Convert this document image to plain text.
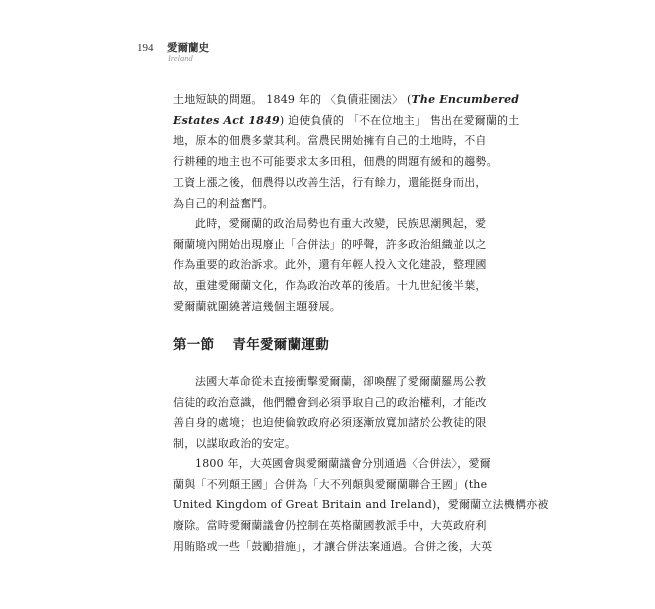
194 愛爾蘭史
Ireland
土地短缺的問題。 1849 年的 〈負債莊園法〉 (The Encumbered
Estates Act 1849) 迫使負債的 「不在位地主」 售出在愛爾蘭的土
地，原本的佃農多蒙其利。當農民開始擁有自己的土地時，不自
行耕種的地主也不可能要求太多田租，佃農的問題有緩和的趨勢。
工資上漲之後，佃農得以改善生活，行有餘力，還能挺身而出，
為自己的利益奮鬥。
此時，愛爾蘭的政治局勢也有重大改變，民族思潮興起，愛
爾蘭境內開始出現廢止「合併法」的呼聲，許多政治組織並以之
作為重要的政治訴求。此外，還有年輕人投入文化建設，整理國
故，重建愛爾蘭文化，作為政治改革的後盾。十九世紀後半葉，
愛爾蘭就圍繞著這幾個主題發展。
第一節 青年愛爾蘭運動
法國大革命從未直接衝擊愛爾蘭，卻喚醒了愛爾蘭羅馬公教
信徒的政治意識，他們體會到必須爭取自己的政治權利，才能改
善自身的處境；也迫使倫敦政府必須逐漸放寬加諸於公教徒的限
制，以謀取政治的安定。
1800 年，大英國會與愛爾蘭議會分別通過〈合併法〉，愛爾
蘭與「不列顛王國」合併為「大不列顛與愛爾蘭聯合王國」(the
United Kingdom of Great Britain and Ireland)，愛爾蘭立法機構亦被
廢除。當時愛爾蘭議會仍控制在英格蘭國教派手中，大英政府利
用賄賂或一些「鼓勵措施」，才讓合併法案通過。合併之後，大英
